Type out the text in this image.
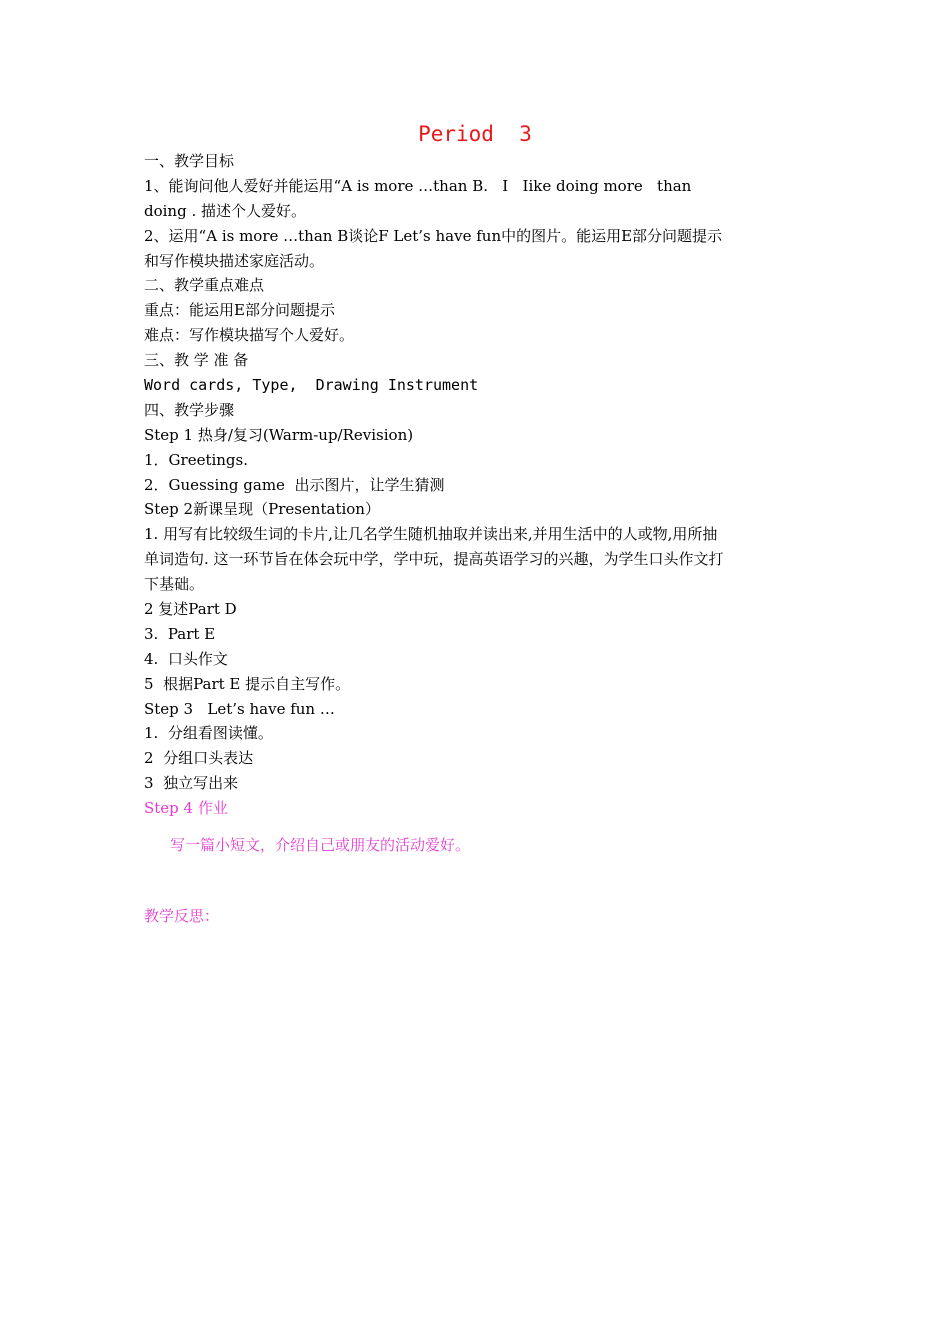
Period  3
一、教学目标
1、能询问他人爱好并能运用“A is more …than B.   I   Iike doing more   than
doing . 描述个人爱好。
2、运用“A is more …than B谈论F Let’s have fun中的图片。能运用E部分问题提示
和写作模块描述家庭活动。
二、教学重点难点
重点：能运用E部分问题提示
难点：写作模块描写个人爱好。
三、教 学 准 备
Word cards, Type,  Drawing Instrument
四、教学步骤
Step 1 热身/复习(Warm-up/Revision)
1．Greetings.
2．Guessing game  出示图片，让学生猜测
Step 2新课呈现（Presentation）
1. 用写有比较级生词的卡片,让几名学生随机抽取并读出来,并用生活中的人或物,用所抽
单词造句. 这一环节旨在体会玩中学，学中玩，提高英语学习的兴趣，为学生口头作文打
下基础。
2 复述Part D
3.  Part E
4.  口头作文
5  根据Part E 提示自主写作。
Step 3   Let’s have fun …
1.  分组看图读懂。
2  分组口头表达
3  独立写出来
Step 4 作业
写一篇小短文，介绍自己或朋友的活动爱好。
教学反思：
